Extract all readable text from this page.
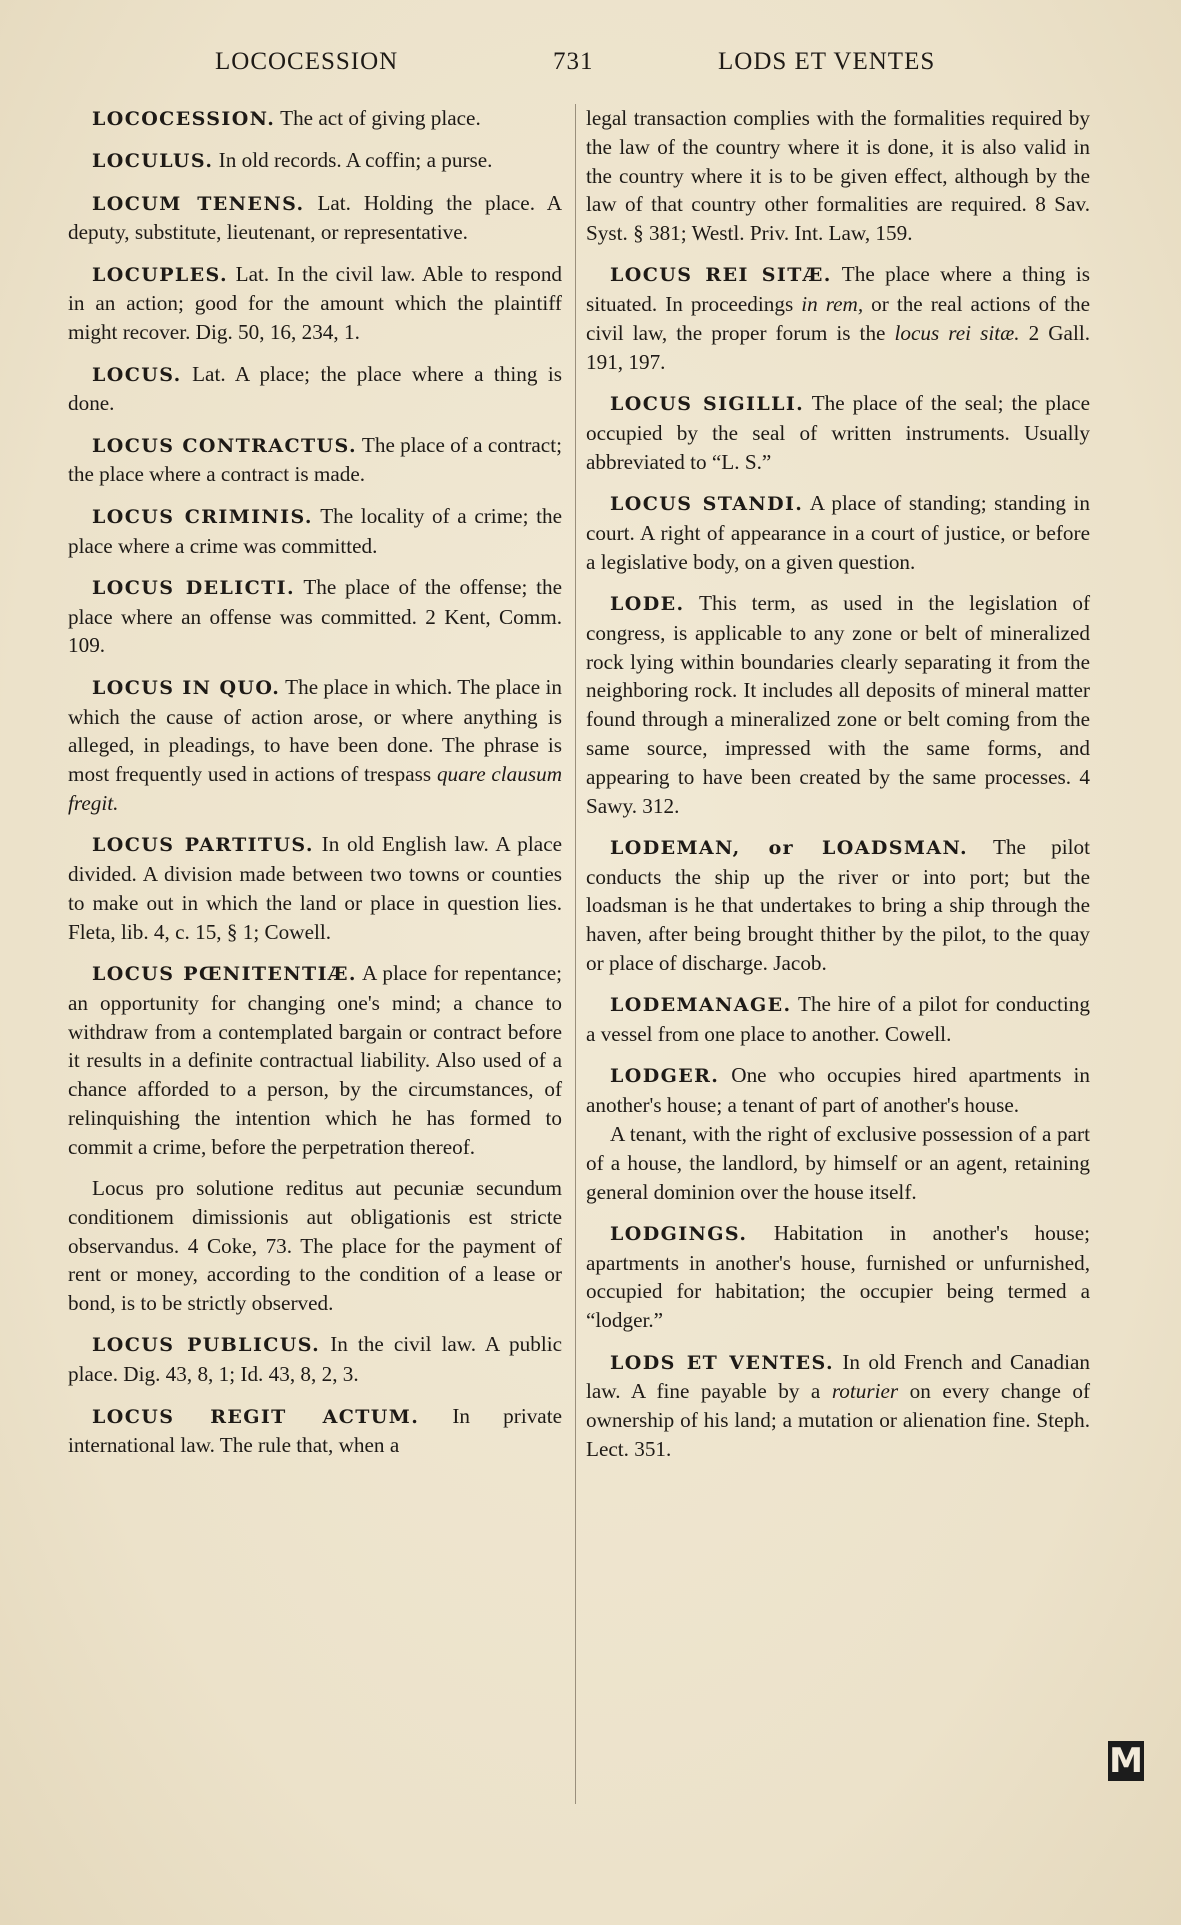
LOCOCESSION	731	LODS ET VENTES

LOCOCESSION. The act of giving place.

LOCULUS. In old records. A coffin; a purse.

LOCUM TENENS. Lat. Holding the place. A deputy, substitute, lieutenant, or representative.

LOCUPLES. Lat. In the civil law. Able to respond in an action; good for the amount which the plaintiff might recover. Dig. 50, 16, 234, 1.

LOCUS. Lat. A place; the place where a thing is done.

LOCUS CONTRACTUS. The place of a contract; the place where a contract is made.

LOCUS CRIMINIS. The locality of a crime; the place where a crime was committed.

LOCUS DELICTI. The place of the offense; the place where an offense was committed. 2 Kent, Comm. 109.

LOCUS IN QUO. The place in which. The place in which the cause of action arose, or where anything is alleged, in pleadings, to have been done. The phrase is most frequently used in actions of trespass quare clausum fregit.

LOCUS PARTITUS. In old English law. A place divided. A division made between two towns or counties to make out in which the land or place in question lies. Fleta, lib. 4, c. 15, § 1; Cowell.

LOCUS PŒNITENTIÆ. A place for repentance; an opportunity for changing one's mind; a chance to withdraw from a contemplated bargain or contract before it results in a definite contractual liability. Also used of a chance afforded to a person, by the circumstances, of relinquishing the intention which he has formed to commit a crime, before the perpetration thereof.

Locus pro solutione reditus aut pecuniæ secundum conditionem dimissionis aut obligationis est stricte observandus. 4 Coke, 73. The place for the payment of rent or money, according to the condition of a lease or bond, is to be strictly observed.

LOCUS PUBLICUS. In the civil law. A public place. Dig. 43, 8, 1; Id. 43, 8, 2, 3.

LOCUS REGIT ACTUM. In private international law. The rule that, when a

legal transaction complies with the formalities required by the law of the country where it is done, it is also valid in the country where it is to be given effect, although by the law of that country other formalities are required. 8 Sav. Syst. § 381; Westl. Priv. Int. Law, 159.

LOCUS REI SITÆ. The place where a thing is situated. In proceedings in rem, or the real actions of the civil law, the proper forum is the locus rei sitæ. 2 Gall. 191, 197.

LOCUS SIGILLI. The place of the seal; the place occupied by the seal of written instruments. Usually abbreviated to “L. S.”

LOCUS STANDI. A place of standing; standing in court. A right of appearance in a court of justice, or before a legislative body, on a given question.

LODE. This term, as used in the legislation of congress, is applicable to any zone or belt of mineralized rock lying within boundaries clearly separating it from the neighboring rock. It includes all deposits of mineral matter found through a mineralized zone or belt coming from the same source, impressed with the same forms, and appearing to have been created by the same processes. 4 Sawy. 312.

LODEMAN, or LOADSMAN. The pilot conducts the ship up the river or into port; but the loadsman is he that undertakes to bring a ship through the haven, after being brought thither by the pilot, to the quay or place of discharge. Jacob.

LODEMANAGE. The hire of a pilot for conducting a vessel from one place to another. Cowell.

LODGER. One who occupies hired apartments in another's house; a tenant of part of another's house.

A tenant, with the right of exclusive possession of a part of a house, the landlord, by himself or an agent, retaining general dominion over the house itself.

LODGINGS. Habitation in another's house; apartments in another's house, furnished or unfurnished, occupied for habitation; the occupier being termed a “lodger.”

LODS ET VENTES. In old French and Canadian law. A fine payable by a roturier on every change of ownership of his land; a mutation or alienation fine. Steph. Lect. 351.

M
